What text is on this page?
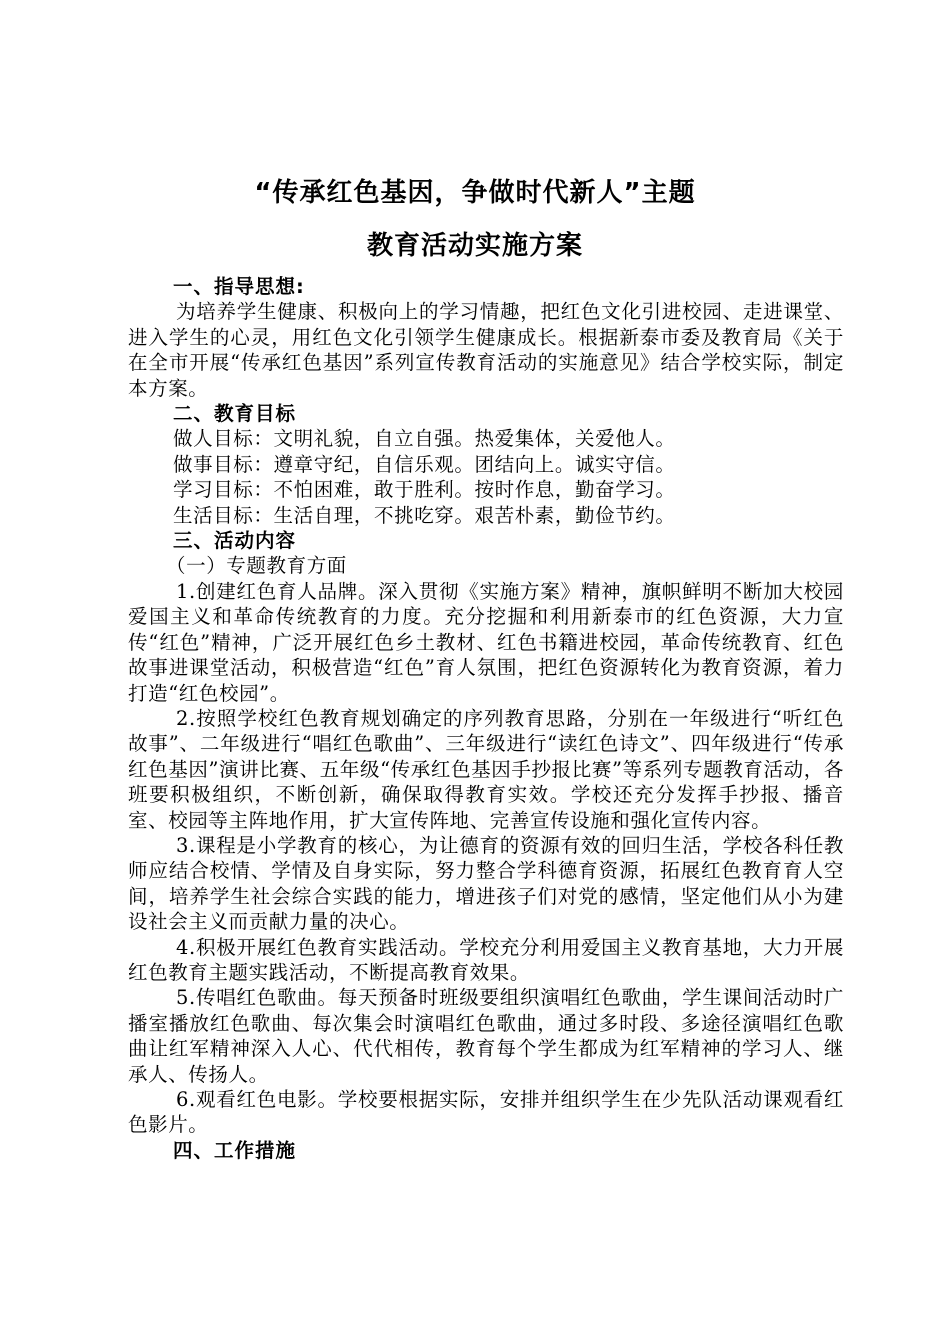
“传承红色基因，争做时代新人”主题
教育活动实施方案

一、指导思想:

为培养学生健康、积极向上的学习情趣，把红色文化引进校园、走进课堂、进入学生的心灵，用红色文化引领学生健康成长。根据新泰市委及教育局《关于在全市开展“传承红色基因”系列宣传教育活动的实施意见》结合学校实际，制定本方案。

二、教育目标

做人目标：文明礼貌，自立自强。热爱集体，关爱他人。

做事目标：遵章守纪，自信乐观。团结向上。诚实守信。

学习目标：不怕困难，敢于胜利。按时作息，勤奋学习。

生活目标：生活自理，不挑吃穿。艰苦朴素，勤俭节约。

三、活动内容

（一）专题教育方面

1.创建红色育人品牌。深入贯彻《实施方案》精神，旗帜鲜明不断加大校园爱国主义和革命传统教育的力度。充分挖掘和利用新泰市的红色资源，大力宣传“红色”精神，广泛开展红色乡土教材、红色书籍进校园，革命传统教育、红色故事进课堂活动，积极营造“红色”育人氛围，把红色资源转化为教育资源，着力打造“红色校园”。

2.按照学校红色教育规划确定的序列教育思路，分别在一年级进行“听红色故事”、二年级进行“唱红色歌曲”、三年级进行“读红色诗文”、四年级进行“传承红色基因”演讲比赛、五年级“传承红色基因手抄报比赛”等系列专题教育活动，各班要积极组织，不断创新，确保取得教育实效。学校还充分发挥手抄报、播音室、校园等主阵地作用，扩大宣传阵地、完善宣传设施和强化宣传内容。

3.课程是小学教育的核心，为让德育的资源有效的回归生活，学校各科任教师应结合校情、学情及自身实际，努力整合学科德育资源，拓展红色教育育人空间，培养学生社会综合实践的能力，增进孩子们对党的感情，坚定他们从小为建设社会主义而贡献力量的决心。

4.积极开展红色教育实践活动。学校充分利用爱国主义教育基地，大力开展红色教育主题实践活动，不断提高教育效果。

5.传唱红色歌曲。每天预备时班级要组织演唱红色歌曲，学生课间活动时广播室播放红色歌曲、每次集会时演唱红色歌曲，通过多时段、多途径演唱红色歌曲让红军精神深入人心、代代相传，教育每个学生都成为红军精神的学习人、继承人、传扬人。

6.观看红色电影。学校要根据实际，安排并组织学生在少先队活动课观看红色影片。

四、工作措施
